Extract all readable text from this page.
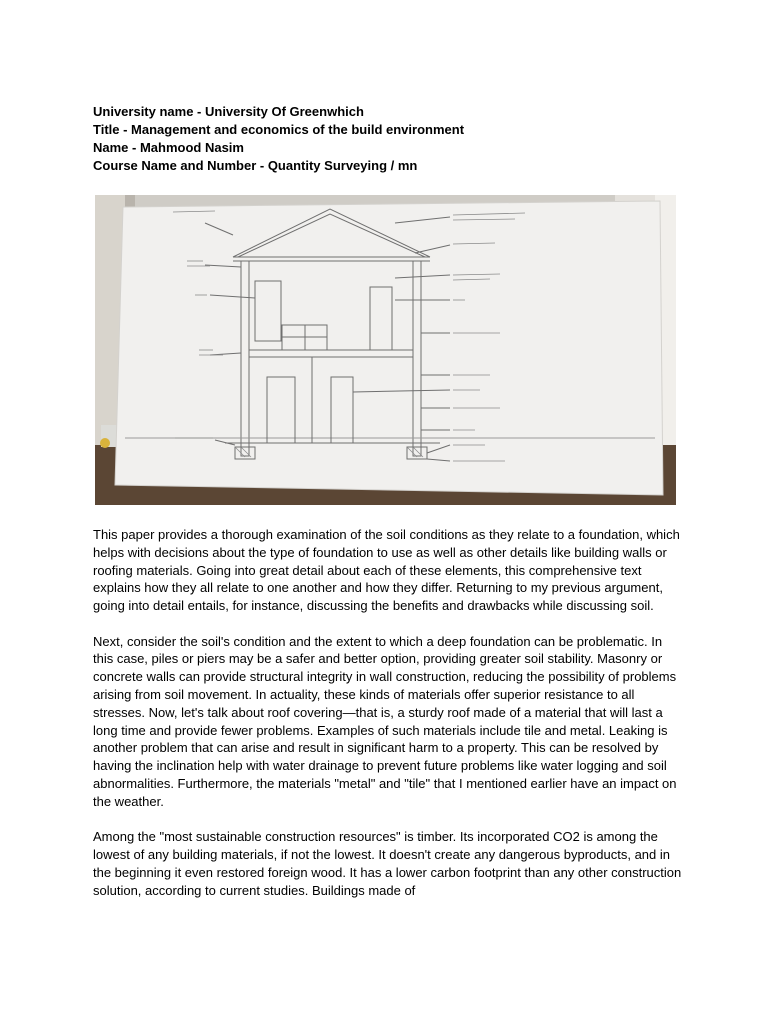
University name - University Of Greenwhich
Title - Management and economics of the build environment
Name - Mahmood Nasim
Course Name and Number - Quantity Surveying / mn

This paper provides a thorough examination of the soil conditions as they relate to a foundation, which helps with decisions about the type of foundation to use as well as other details like building walls or roofing materials. Going into great detail about each of these elements, this comprehensive text explains how they all relate to one another and how they differ. Returning to my previous argument, going into detail entails, for instance, discussing the benefits and drawbacks while discussing soil.

Next, consider the soil's condition and the extent to which a deep foundation can be problematic. In this case, piles or piers may be a safer and better option, providing greater soil stability. Masonry or concrete walls can provide structural integrity in wall construction, reducing the possibility of problems arising from soil movement. In actuality, these kinds of materials offer superior resistance to all stresses. Now, let's talk about roof covering—that is, a sturdy roof made of a material that will last a long time and provide fewer problems. Examples of such materials include tile and metal. Leaking is another problem that can arise and result in significant harm to a property. This can be resolved by having the inclination help with water drainage to prevent future problems like water logging and soil abnormalities. Furthermore, the materials "metal" and "tile" that I mentioned earlier have an impact on the weather.

Among the "most sustainable construction resources" is timber. Its incorporated CO2 is among the lowest of any building materials, if not the lowest. It doesn't create any dangerous byproducts, and in the beginning it even restored foreign wood. It has a lower carbon footprint than any other construction solution, according to current studies. Buildings made of
